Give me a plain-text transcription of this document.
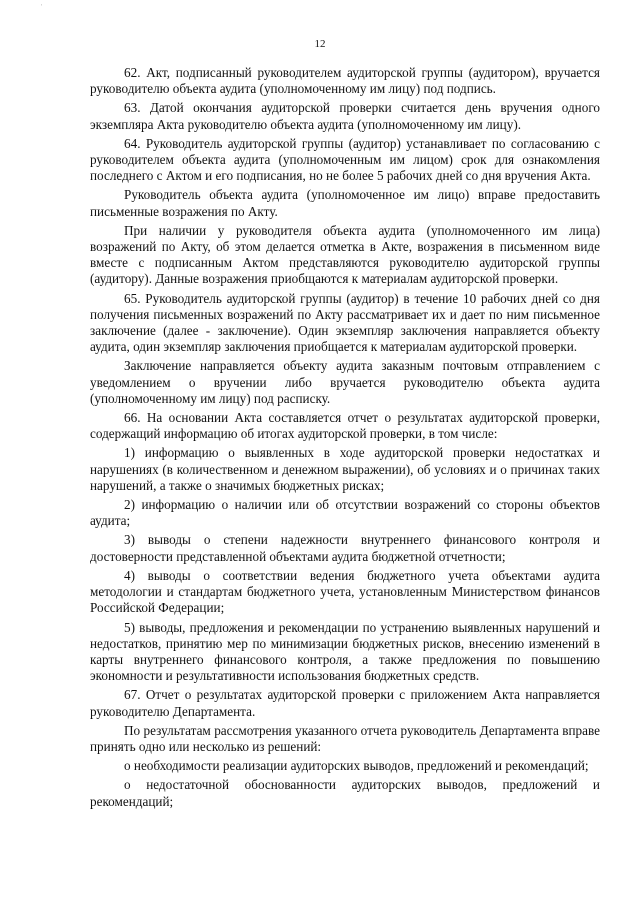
ˈ
12

62. Акт, подписанный руководителем аудиторской группы (аудитором), вручается руководителю объекта аудита (уполномоченному им лицу) под подпись.

63. Датой окончания аудиторской проверки считается день вручения одного экземпляра Акта руководителю объекта аудита (уполномоченному им лицу).

64. Руководитель аудиторской группы (аудитор) устанавливает по согласованию с руководителем объекта аудита (уполномоченным им лицом) срок для ознакомления последнего с Актом и его подписания, но не более 5 рабочих дней со дня вручения Акта.

Руководитель объекта аудита (уполномоченное им лицо) вправе предоставить письменные возражения по Акту.

При наличии у руководителя объекта аудита (уполномоченного им лица) возражений по Акту, об этом делается отметка в Акте, возражения в письменном виде вместе с подписанным Актом представляются руководителю аудиторской группы (аудитору). Данные возражения приобщаются к материалам аудиторской проверки.

65. Руководитель аудиторской группы (аудитор) в течение 10 рабочих дней со дня получения письменных возражений по Акту рассматривает их и дает по ним письменное заключение (далее - заключение). Один экземпляр заключения направляется объекту аудита, один экземпляр заключения приобщается к материалам аудиторской проверки.

Заключение направляется объекту аудита заказным почтовым отправлением с уведомлением о вручении либо вручается руководителю объекта аудита (уполномоченному им лицу) под расписку.

66. На основании Акта составляется отчет о результатах аудиторской проверки, содержащий информацию об итогах аудиторской проверки, в том числе:

1) информацию о выявленных в ходе аудиторской проверки недостатках и нарушениях (в количественном и денежном выражении), об условиях и о причинах таких нарушений, а также о значимых бюджетных рисках;

2) информацию о наличии или об отсутствии возражений со стороны объектов аудита;

3) выводы о степени надежности внутреннего финансового контроля и достоверности представленной объектами аудита бюджетной отчетности;

4) выводы о соответствии ведения бюджетного учета объектами аудита методологии и стандартам бюджетного учета, установленным Министерством финансов Российской Федерации;

5) выводы, предложения и рекомендации по устранению выявленных нарушений и недостатков, принятию мер по минимизации бюджетных рисков, внесению изменений в карты внутреннего финансового контроля, а также предложения по повышению экономности и результативности использования бюджетных средств.

67. Отчет о результатах аудиторской проверки с приложением Акта направляется руководителю Департамента.

По результатам рассмотрения указанного отчета руководитель Департамента вправе принять одно или несколько из решений:

о необходимости реализации аудиторских выводов, предложений и рекомендаций;

о недостаточной обоснованности аудиторских выводов, предложений и рекомендаций;
